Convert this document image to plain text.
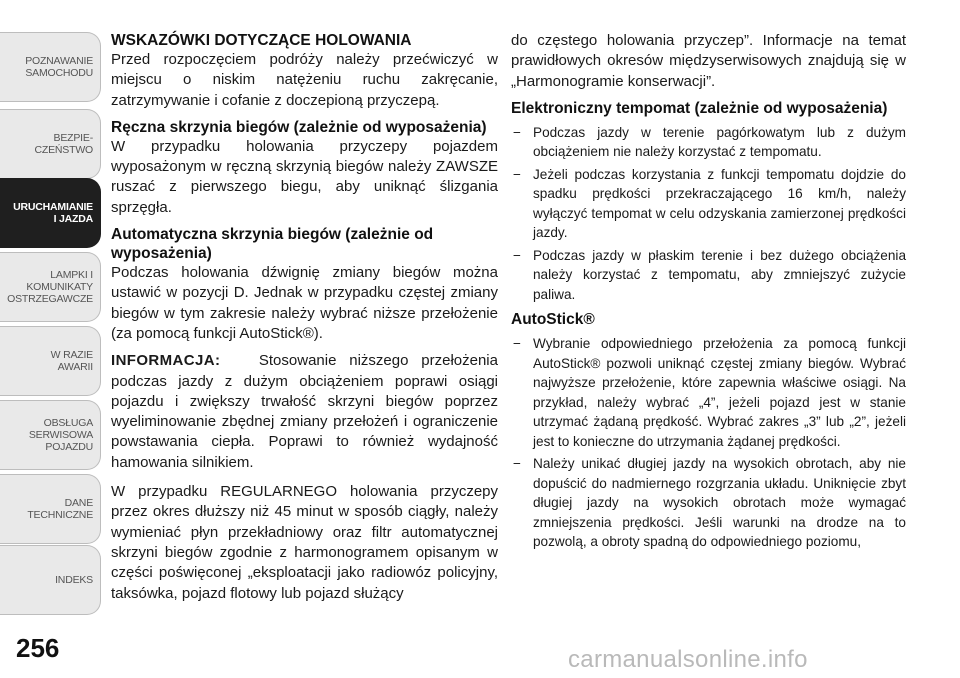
POZNAWANIE
SAMOCHODU
BEZPIE-
CZEŃSTWO
URUCHAMIANIE
I JAZDA
LAMPKI I
KOMUNIKATY
OSTRZEGAWCZE
W RAZIE
AWARII
OBSŁUGA
SERWISOWA
POJAZDU
DANE
TECHNICZNE
INDEKS
256	carmanualsonline.info
WSKAZÓWKI DOTYCZĄCE HOLOWANIA

Przed rozpoczęciem podróży należy przećwiczyć w miejscu o niskim natężeniu ruchu zakręcanie, zatrzymywanie i cofanie z doczepioną przyczepą.

Ręczna skrzynia biegów (zależnie od wyposażenia)

W przypadku holowania przyczepy pojazdem wyposażonym w ręczną skrzynią biegów należy ZAWSZE ruszać z pierwszego biegu, aby uniknąć ślizgania sprzęgła.

Automatyczna skrzynia biegów (zależnie od wyposażenia)

Podczas holowania dźwignię zmiany biegów można ustawić w pozycji D. Jednak w przypadku częstej zmiany biegów w tym zakresie należy wybrać niższe przełożenie (za pomocą funkcji AutoStick®).

INFORMACJA:	Stosowanie niższego przełożenia podczas jazdy z dużym obciążeniem poprawi osiągi pojazdu i zwiększy trwałość skrzyni biegów poprzez wyeliminowanie zbędnej zmiany przełożeń i ograniczenie powstawania ciepła. Poprawi to również wydajność hamowania silnikiem.

W przypadku REGULARNEGO holowania przyczepy przez okres dłuższy niż 45 minut w sposób ciągły, należy wymieniać płyn przekładniowy oraz filtr automatycznej skrzyni biegów zgodnie z harmonogramem opisanym w części poświęconej „eksploatacji jako radiowóz policyjny, taksówka, pojazd flotowy lub pojazd służący

do częstego holowania przyczep”. Informacje na temat prawidłowych okresów międzyserwisowych znajdują się w „Harmonogramie konserwacji”.

Elektroniczny tempomat (zależnie od wyposażenia)
− Podczas jazdy w terenie pagórkowatym lub z dużym obciążeniem nie należy korzystać z tempomatu.
− Jeżeli podczas korzystania z funkcji tempomatu dojdzie do spadku prędkości przekraczającego 16 km/h, należy wyłączyć tempomat w celu odzyskania zamierzonej prędkości jazdy.
− Podczas jazdy w płaskim terenie i bez dużego obciążenia należy korzystać z tempomatu, aby zmniejszyć zużycie paliwa.
AutoStick®
− Wybranie odpowiedniego przełożenia za pomocą funkcji AutoStick® pozwoli uniknąć częstej zmiany biegów. Wybrać najwyższe przełożenie, które zapewnia właściwe osiągi. Na przykład, należy wybrać „4”, jeżeli pojazd jest w stanie utrzymać żądaną prędkość. Wybrać zakres „3” lub „2”, jeżeli jest to konieczne do utrzymania żądanej prędkości.
− Należy unikać długiej jazdy na wysokich obrotach, aby nie dopuścić do nadmiernego rozgrzania układu. Uniknięcie zbyt długiej jazdy na wysokich obrotach może wymagać zmniejszenia prędkości. Jeśli warunki na drodze na to pozwolą, a obroty spadną do odpowiedniego poziomu,
